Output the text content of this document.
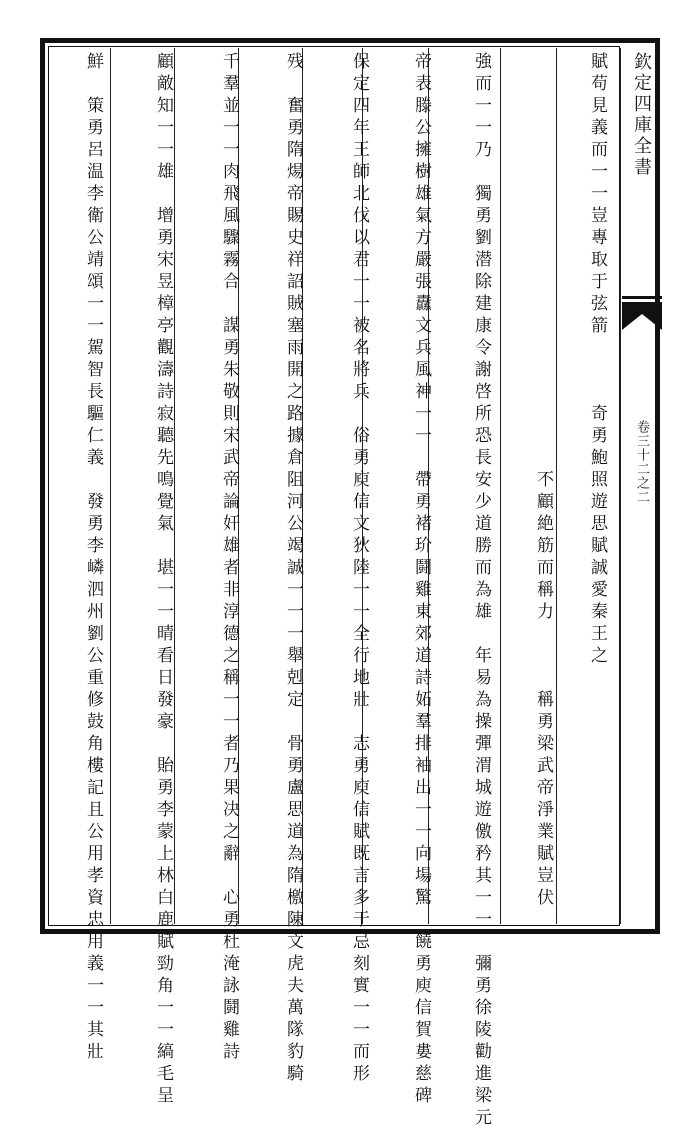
欽定四庫全書
卷三十二之二
賦苟見義而一一豈專取于弦箭　　　奇勇鮑照遊思賦誠愛秦王之
　　　　　　　　　　　　　　　　　　　不顧絶筋而稱力　　　稱勇梁武帝淨業賦豈伏
強而一一乃　獨勇劉潜除建康令謝啓所恐長安少道勝而為雄　年易為操彈渭城遊儌矜其一一　彌勇徐陵勸進梁元
帝表滕公擁樹雄氣方嚴張纛文兵風神一一　帶勇褚玠鬪雞東郊道詩妬羣排袖出一一向場驚　饒勇庾信賀婁慈碑
保定四年王師北伐以君一一被名將兵　俗勇庾信文狄陸一一全行地壯　志勇庾信賦既言多于忌刻實一一而形
残　奮勇隋煬帝賜史祥詔賊塞雨開之路據倉阻河公竭誠一一一舉剋定　骨勇盧思道為隋檄陳文虎夫萬隊豹騎
千羣並一一肉飛風驟霧合　謀勇朱敬則宋武帝論奸雄者非淳德之稱一一者乃果决之辭　心勇杜淹詠鬪雞詩
顧敵知一一雄　增勇宋昱樟亭觀濤詩寂聽先鳴覺氣　堪一一晴看日發豪　貽勇李蒙上林白鹿賦勁角一一縞毛呈
鮮　策勇呂温李衛公靖頌一一駕智長驅仁義　發勇李嶙泗州劉公重修鼓角樓記且公用孝資忠用義一一其壯
